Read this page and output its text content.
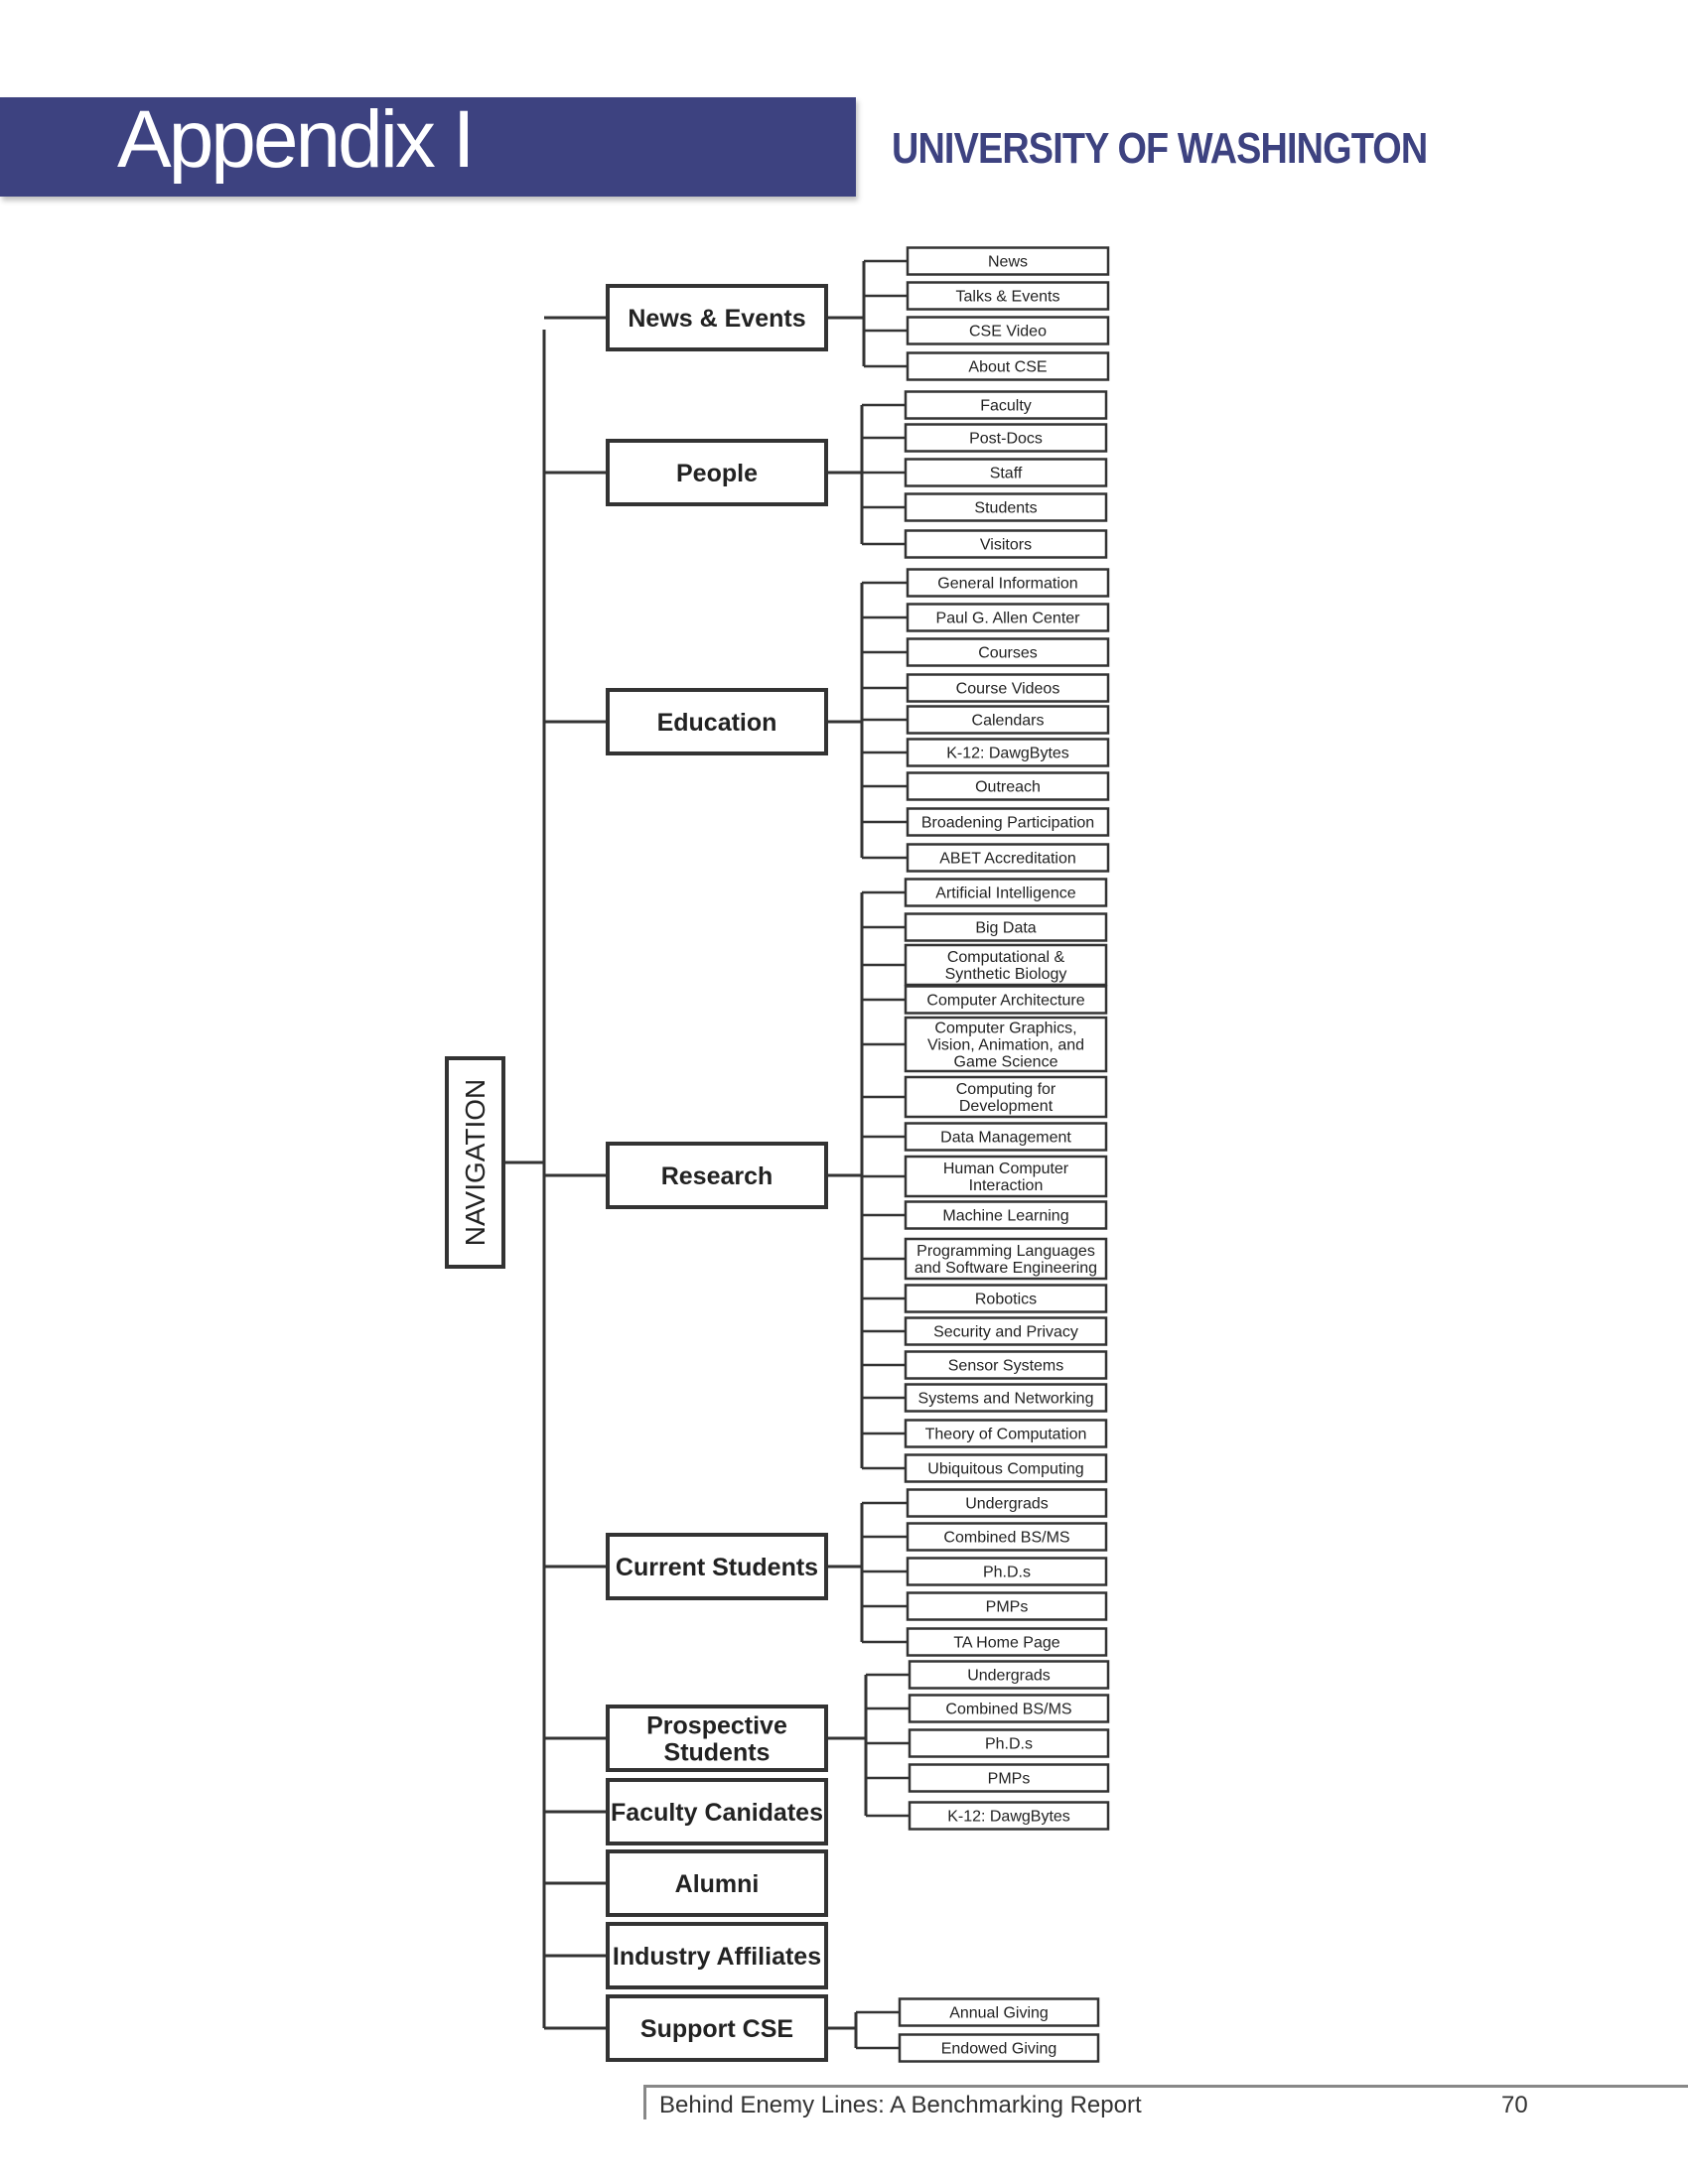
Appendix I	UNIVERSITY OF WASHINGTON
NAVIGATION
News & Events
News
Talks & Events
CSE Video
About CSE
People
Faculty
Post-Docs
Staff
Students
Visitors
Education
General Information
Paul G. Allen Center
Courses
Course Videos
Calendars
K-12: DawgBytes
Outreach
Broadening Participation
ABET Accreditation
Research
Artificial Intelligence
Big Data
Computational & Synthetic Biology
Computer Architecture
Computer Graphics, Vision, Animation, and Game Science
Computing for Development
Data Management
Human Computer Interaction
Machine Learning
Programming Languages and Software Engineering
Robotics
Security and Privacy
Sensor Systems
Systems and Networking
Theory of Computation
Ubiquitous Computing
Current Students
Undergrads
Combined BS/MS
Ph.D.s
PMPs
TA Home Page
Prospective Students
Undergrads
Combined BS/MS
Ph.D.s
PMPs
K-12: DawgBytes
Faculty Canidates
Alumni
Industry Affiliates
Support CSE
Annual Giving
Endowed Giving
Behind Enemy Lines: A Benchmarking Report	70
